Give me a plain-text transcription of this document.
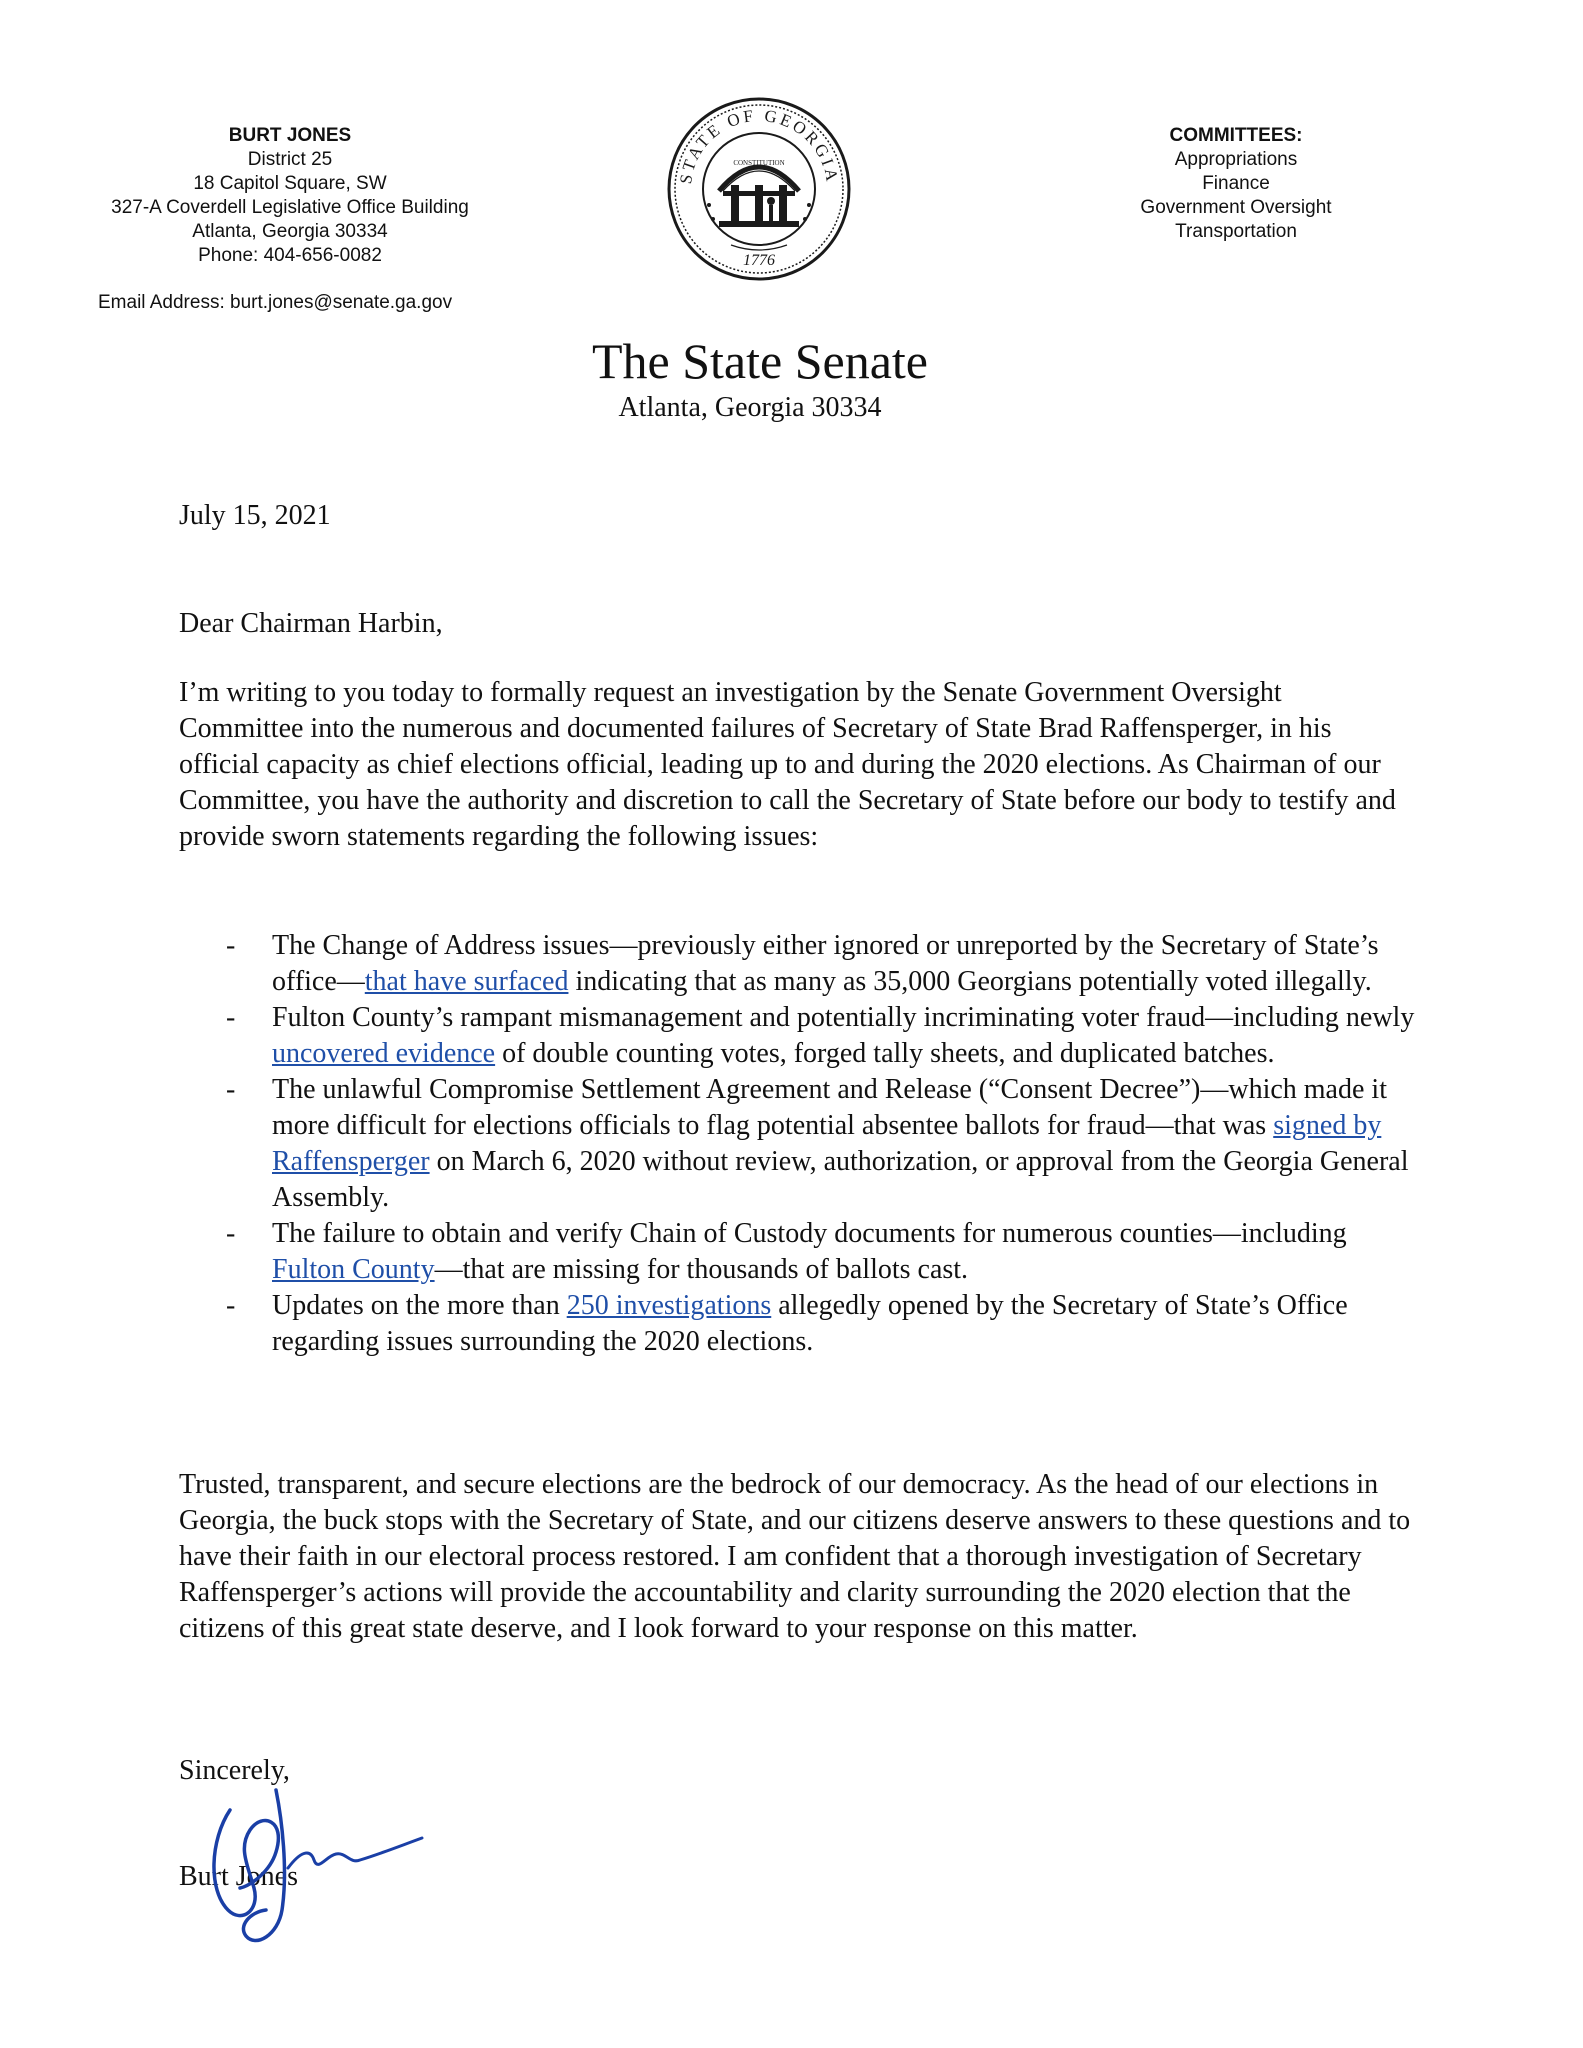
BURT JONES
District 25
18 Capitol Square, SW
327-A Coverdell Legislative Office Building
Atlanta, Georgia 30334
Phone: 404-656-0082
Email Address: burt.jones@senate.ga.gov
STATE OF GEORGIA
CONSTITUTION
1776
COMMITTEES:
Appropriations
Finance
Government Oversight
Transportation
The State Senate
Atlanta, Georgia 30334
July 15, 2021
Dear Chairman Harbin,

I’m writing to you today to formally request an investigation by the Senate Government Oversight Committee into the numerous and documented failures of Secretary of State Brad Raffensperger, in his official capacity as chief elections official, leading up to and during the 2020 elections. As Chairman of our Committee, you have the authority and discretion to call the Secretary of State before our body to testify and provide sworn statements regarding the following issues:

- The Change of Address issues—previously either ignored or unreported by the Secretary of State’s office—that have surfaced indicating that as many as 35,000 Georgians potentially voted illegally.
- Fulton County’s rampant mismanagement and potentially incriminating voter fraud—including newly uncovered evidence of double counting votes, forged tally sheets, and duplicated batches.
- The unlawful Compromise Settlement Agreement and Release (“Consent Decree”)—which made it more difficult for elections officials to flag potential absentee ballots for fraud—that was signed by Raffensperger on March 6, 2020 without review, authorization, or approval from the Georgia General Assembly.
- The failure to obtain and verify Chain of Custody documents for numerous counties—including Fulton County—that are missing for thousands of ballots cast.
- Updates on the more than 250 investigations allegedly opened by the Secretary of State’s Office regarding issues surrounding the 2020 elections.

Trusted, transparent, and secure elections are the bedrock of our democracy. As the head of our elections in Georgia, the buck stops with the Secretary of State, and our citizens deserve answers to these questions and to have their faith in our electoral process restored. I am confident that a thorough investigation of Secretary Raffensperger’s actions will provide the accountability and clarity surrounding the 2020 election that the citizens of this great state deserve, and I look forward to your response on this matter.

Sincerely,
Burt Jones
